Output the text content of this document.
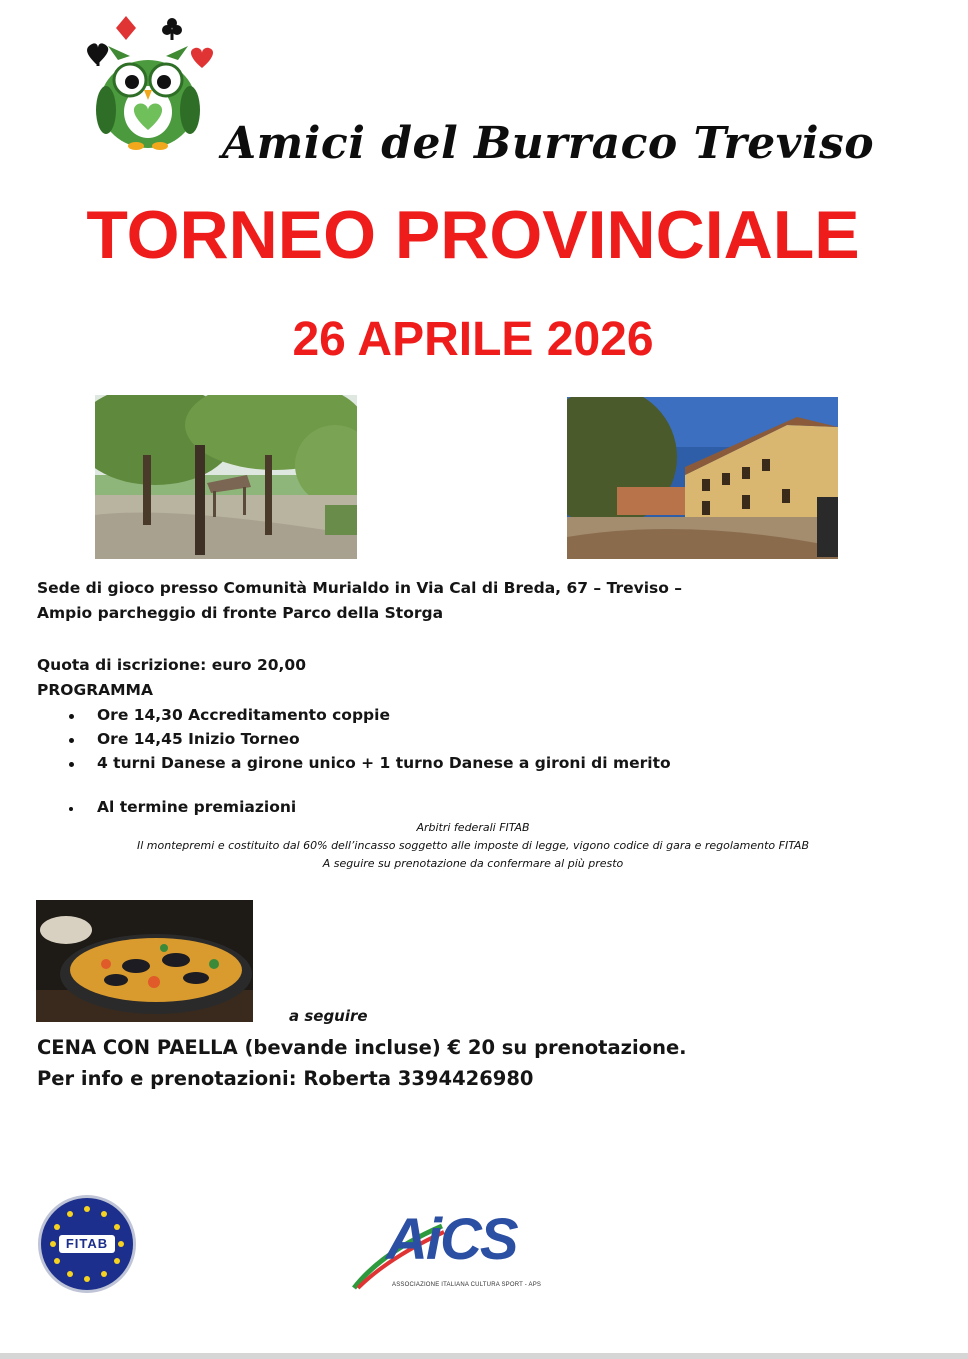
Amici del Burraco Treviso
TORNEO PROVINCIALE
26 APRILE 2026
Sede di gioco presso Comunità Murialdo in Via Cal di Breda, 67 – Treviso –
Ampio parcheggio di fronte Parco della Storga
Quota di iscrizione: euro 20,00
PROGRAMMA
Ore 14,30 Accreditamento coppie
Ore 14,45 Inizio Torneo
4 turni Danese a girone unico + 1 turno Danese a gironi di merito
Al termine premiazioni
Arbitri federali FITAB
Il montepremi e costituito dal 60% dell’incasso soggetto alle imposte di legge, vigono codice di gara e regolamento FITAB
A seguire su prenotazione da confermare al più presto
a seguire
CENA CON PAELLA (bevande incluse) € 20 su prenotazione.
Per info e prenotazioni: Roberta 3394426980
FITAB	AiCS
ASSOCIAZIONE ITALIANA CULTURA SPORT - APS
